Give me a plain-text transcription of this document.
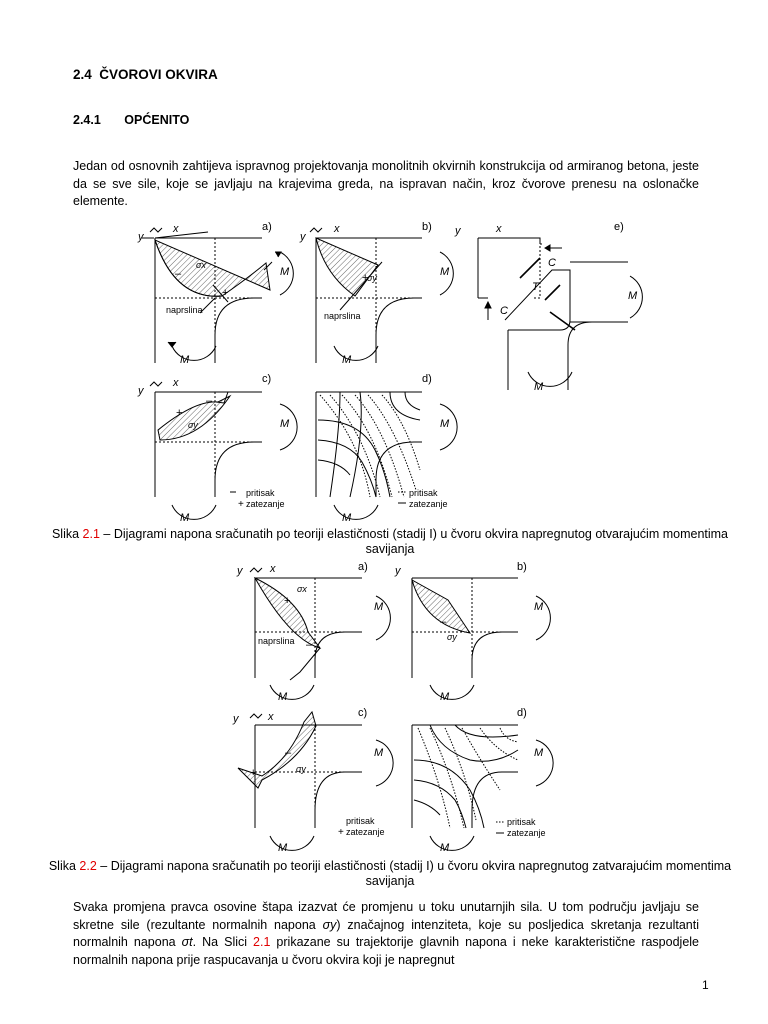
2.4 ČVOROVI OKVIRA
2.4.1 OPĆENITO
Jedan od osnovnih zahtijeva ispravnog projektovanja monolitnih okvirnih konstrukcija od armiranog betona, jeste da se sve sile, koje se javljaju na krajevima greda, na ispravan način, kroz čvorove prenesu na oslonačke elemente.
y
x	a)
σx
–
+
naprslina
M
M
y
x	b)
σy
+
naprslina
M
M
y	x	e)
C
T
C
M
M
y
x	c)
+
–
σy	M
M
pritisak
+ zatezanje
d)
M
M
pritisak
zatezanje
y	x	a)
σx
+
–
naprslina
M
M
y	b)
–
σy
M
M
y	x	c)
–
σy
+
M
M
pritisak
+ zatezanje
d)
M
M
pritisak
zatezanje
Slika 2.1 – Dijagrami napona sračunatih po teoriji elastičnosti (stadij I) u čvoru okvira napregnutog otvarajućim momentima savijanja
Slika 2.2 – Dijagrami napona sračunatih po teoriji elastičnosti (stadij I) u čvoru okvira napregnutog zatvarajućim momentima savijanja
Svaka promjena pravca osovine štapa izazvat će promjenu u toku unutarnjih sila. U tom području javljaju se skretne sile (rezultante normalnih napona σy) značajnog intenziteta, koje su posljedica skretanja rezultanti normalnih napona σt. Na Slici 2.1 prikazane su trajektorije glavnih napona i neke karakteristične raspodjele normalnih napona prije raspucavanja u čvoru okvira koji je napregnut
1
